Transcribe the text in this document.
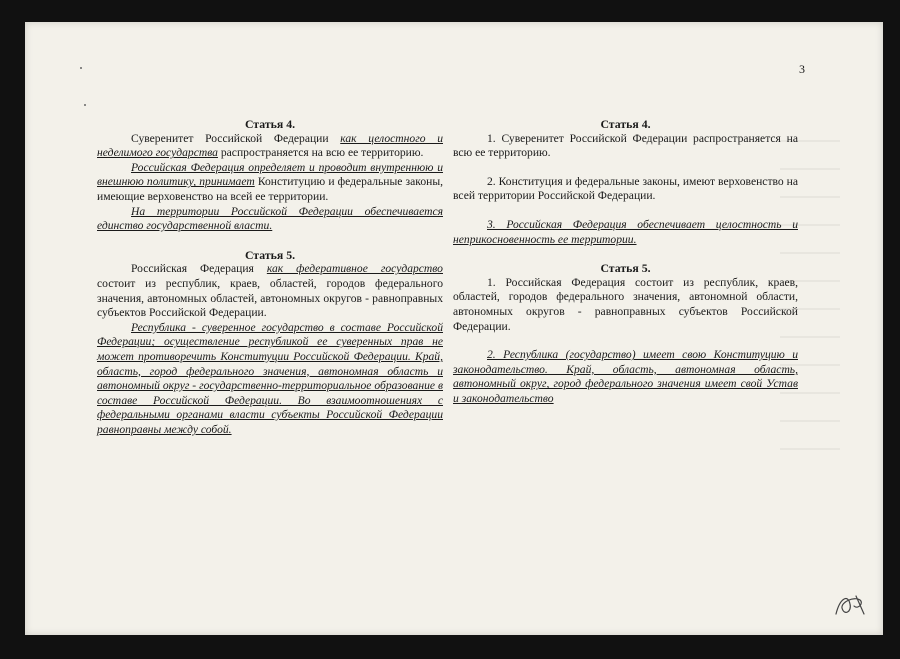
3
Статья 4.

Суверенитет Российской Федерации как целостного и неделимого государства распространяется на всю ее территорию.

Российская Федерация определяет и проводит внутреннюю и внешнюю политику, принимает Конституцию и федеральные законы, имеющие верховенство на всей ее территории.

На территории Российской Федерации обеспечивается единство государственной власти.

Статья 5.

Российская Федерация как федеративное государство состоит из республик, краев, областей, городов федерального значения, автономных областей, автономных округов - равноправных субъектов Российской Федерации.

Республика - суверенное государство в составе Российской Федерации; осуществление республикой ее суверенных прав не может противоречить Конституции Российской Федерации. Край, область, город федерального значения, автономная область и автономный округ - государственно-территориальное образование в составе Российской Федерации. Во взаимоотношениях с федеральными органами власти субъекты Российской Федерации равноправны между собой.

Статья 4.

1. Суверенитет Российской Федерации распространяется на всю ее территорию.

2. Конституция и федеральные законы, имеют верховенство на всей территории Российской Федерации.

3. Российская Федерация обеспечивает целостность и неприкосновенность ее территории.

Статья 5.

1. Российская Федерация состоит из республик, краев, областей, городов федерального значения, автономной области, автономных округов - равноправных субъектов Российской Федерации.

2. Республика (государство) имеет свою Конституцию и законодательство. Край, область, автономная область, автономный округ, город федерального значения имеет свой Устав и законодательство
